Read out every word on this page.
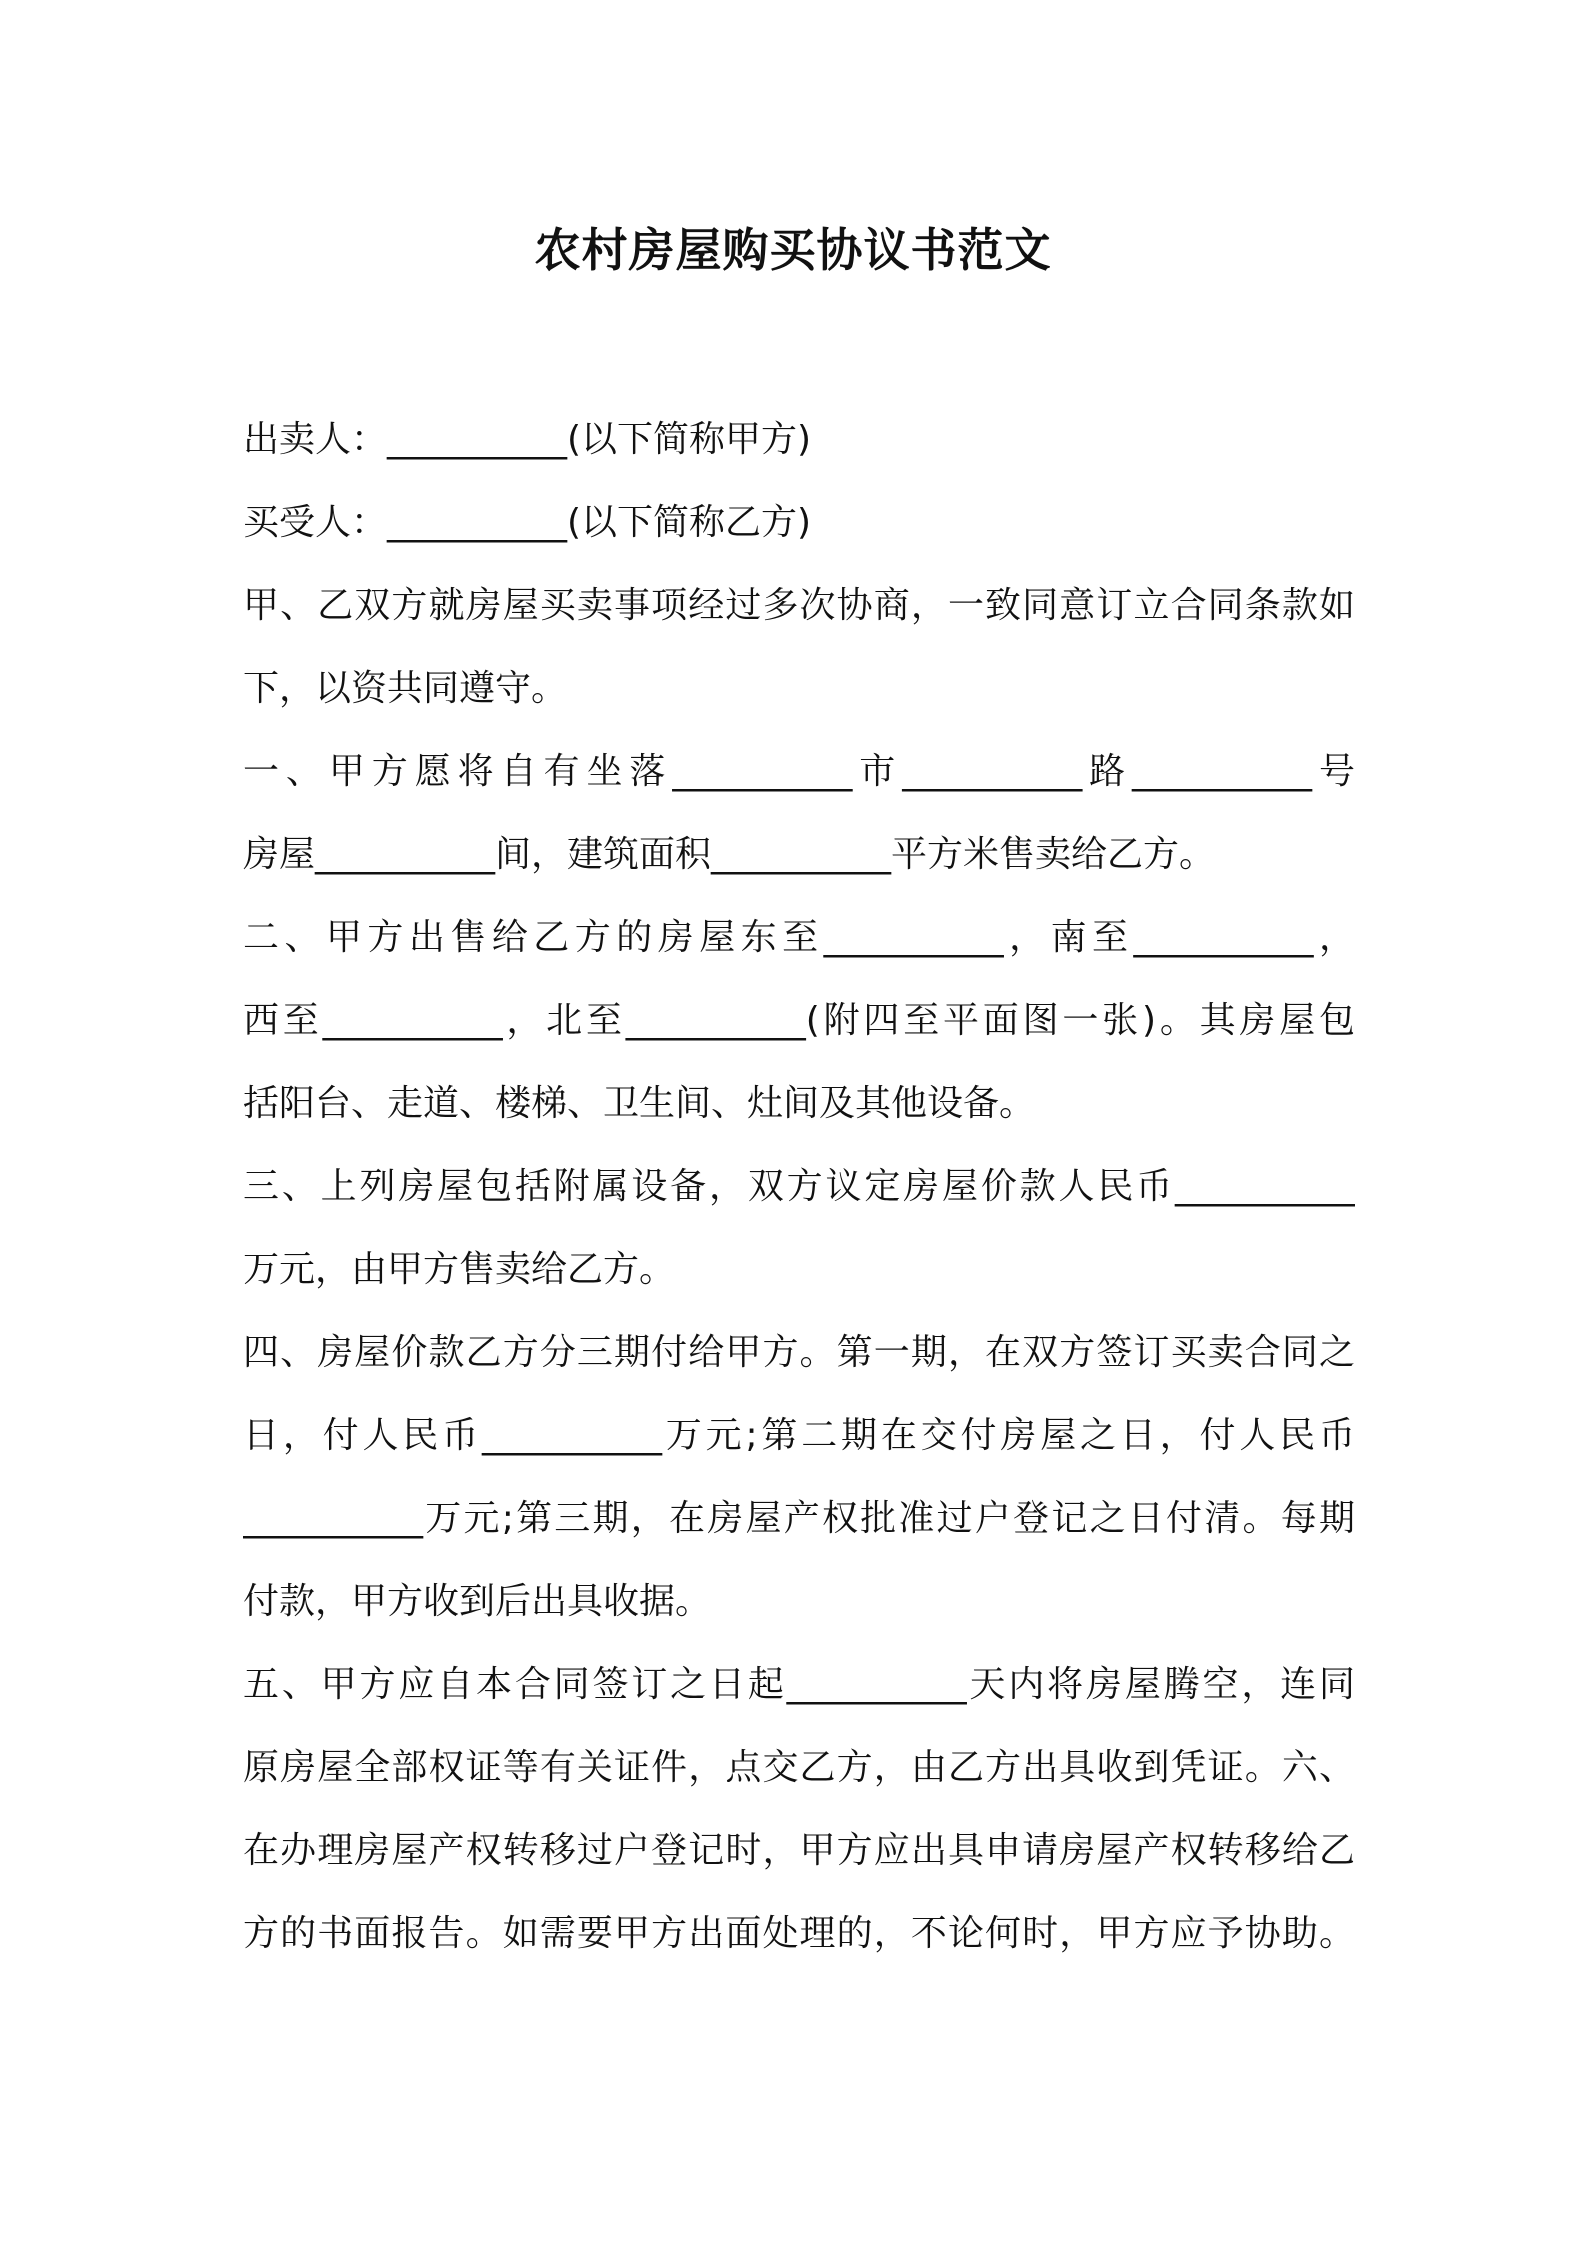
农村房屋购买协议书范文
出卖人：__________(以下简称甲方)
买受人：__________(以下简称乙方)
甲、乙双方就房屋买卖事项经过多次协商，一致同意订立合同条款如
下，以资共同遵守。
一、甲方愿将自有坐落__________市__________路__________号
房屋__________间，建筑面积__________平方米售卖给乙方。
二、甲方出售给乙方的房屋东至__________，南至__________，
西至__________，北至__________(附四至平面图一张)。其房屋包
括阳台、走道、楼梯、卫生间、灶间及其他设备。
三、上列房屋包括附属设备，双方议定房屋价款人民币__________
万元，由甲方售卖给乙方。
四、房屋价款乙方分三期付给甲方。第一期，在双方签订买卖合同之
日，付人民币__________万元;第二期在交付房屋之日，付人民币
__________万元;第三期，在房屋产权批准过户登记之日付清。每期
付款，甲方收到后出具收据。
五、甲方应自本合同签订之日起__________天内将房屋腾空，连同
原房屋全部权证等有关证件，点交乙方，由乙方出具收到凭证。六、
在办理房屋产权转移过户登记时，甲方应出具申请房屋产权转移给乙
方的书面报告。如需要甲方出面处理的，不论何时，甲方应予协助。
